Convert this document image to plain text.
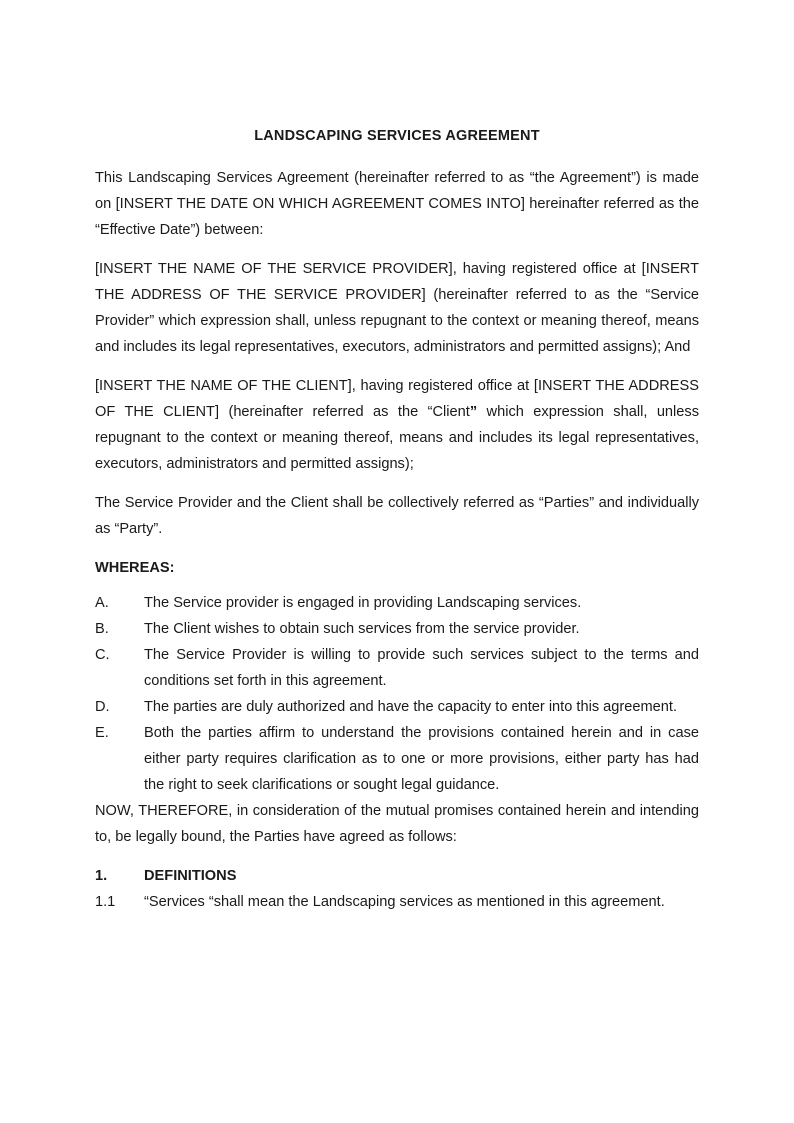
LANDSCAPING SERVICES AGREEMENT

This Landscaping Services Agreement (hereinafter referred to as “the Agreement”) is made on [INSERT THE DATE ON WHICH AGREEMENT COMES INTO] hereinafter referred as the “Effective Date”) between:

[INSERT THE NAME OF THE SERVICE PROVIDER], having registered office at [INSERT THE ADDRESS OF THE SERVICE PROVIDER] (hereinafter referred to as the “Service Provider” which expression shall, unless repugnant to the context or meaning thereof, means and includes its legal representatives, executors, administrators and permitted assigns); And

[INSERT THE NAME OF THE CLIENT], having registered office at [INSERT THE ADDRESS OF THE CLIENT] (hereinafter referred as the “Client” which expression shall, unless repugnant to the context or meaning thereof, means and includes its legal representatives, executors, administrators and permitted assigns);

The Service Provider and the Client shall be collectively referred as “Parties” and individually as “Party”.

WHEREAS:
A.	The Service provider is engaged in providing Landscaping services.
B.	The Client wishes to obtain such services from the service provider.
C.	The Service Provider is willing to provide such services subject to the terms and conditions set forth in this agreement.
D.	The parties are duly authorized and have the capacity to enter into this agreement.
E.	Both the parties affirm to understand the provisions contained herein and in case either party requires clarification as to one or more provisions, either party has had the right to seek clarifications or sought legal guidance.

NOW, THEREFORE, in consideration of the mutual promises contained herein and intending to, be legally bound, the Parties have agreed as follows:

1.	DEFINITIONS
1.1	“Services “shall mean the Landscaping services as mentioned in this agreement.
